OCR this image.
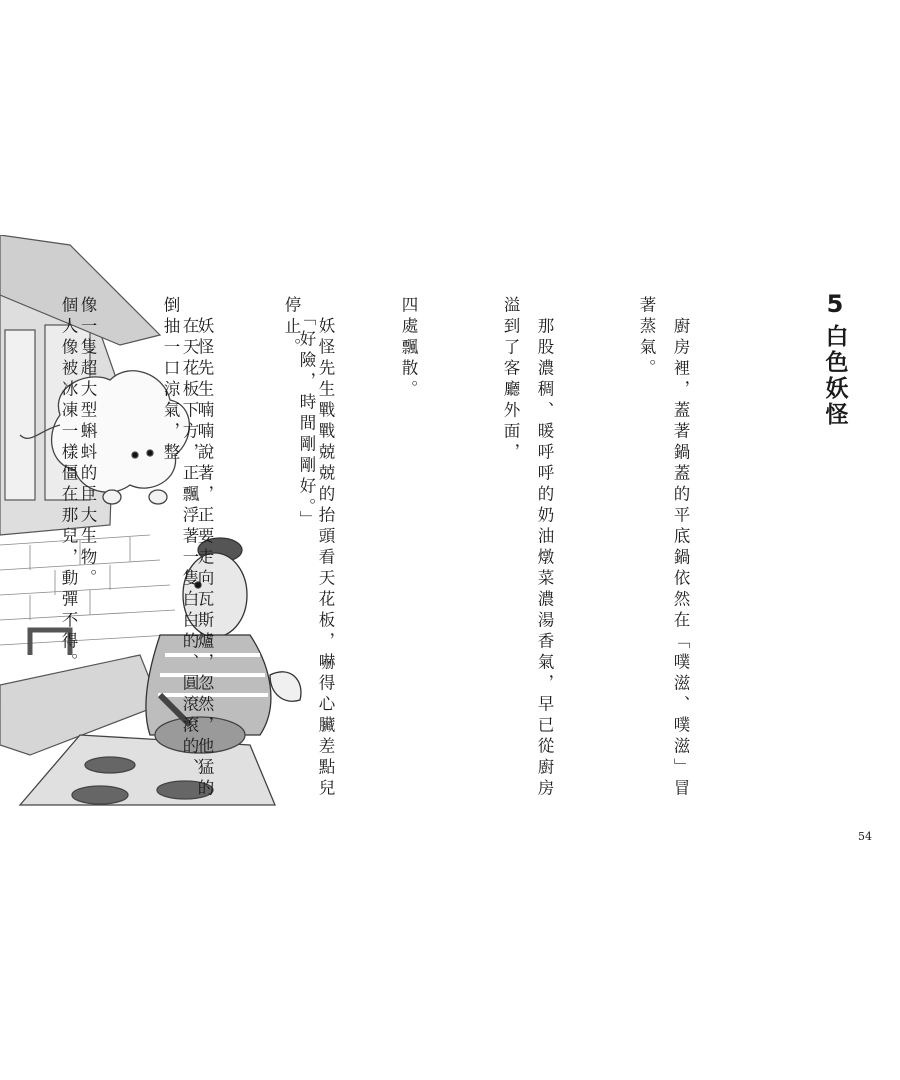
5
白色妖怪

　廚房裡，蓋著鍋蓋的平底鍋依然在「噗滋、噗滋」冒著蒸氣。

　那股濃稠、暖呼呼的奶油燉菜濃湯香氣，早已從廚房溢到了客廳外面，

四處飄散。

　「好險，時間剛剛好。」

　妖怪先生喃喃說著，正要走向瓦斯爐，忽然，他猛的倒抽一口涼氣，整

個人像被冰凍一樣僵在那兒，動彈不得。

	　妖怪先生戰戰兢兢的抬頭看天花板，嚇得心臟差點兒停止。

　在天花板下方，正飄浮著一隻白白的、圓滾滾的、

像一隻超大型蝌蚪的巨大生物。

54
